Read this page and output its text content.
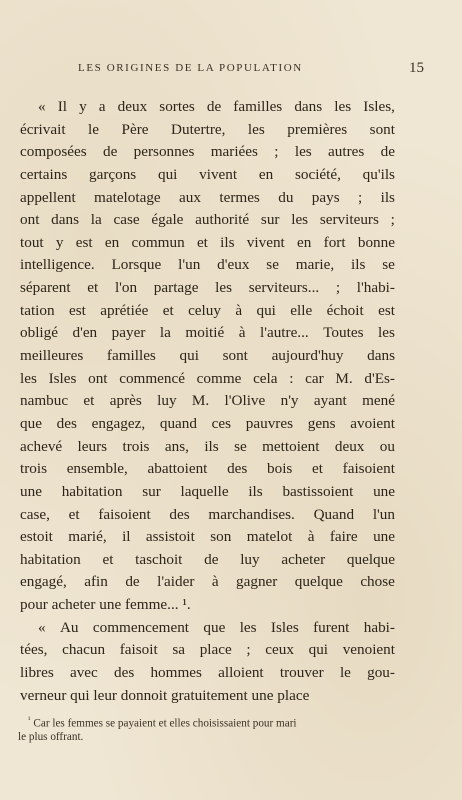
LES ORIGINES DE LA POPULATION	15
« Il y a deux sortes de familles dans les Isles,
écrivait le Père Dutertre, les premières sont
composées de personnes mariées ; les autres de
certains garçons qui vivent en société, qu'ils
appellent matelotage aux termes du pays ; ils
ont dans la case égale authorité sur les serviteurs ;
tout y est en commun et ils vivent en fort bonne
intelligence. Lorsque l'un d'eux se marie, ils se
séparent et l'on partage les serviteurs... ; l'habi-
tation est aprétiée et celuy à qui elle échoit est
obligé d'en payer la moitié à l'autre... Toutes les
meilleures familles qui sont aujourd'huy dans
les Isles ont commencé comme cela : car M. d'Es-
nambuc et après luy M. l'Olive n'y ayant mené
que des engagez, quand ces pauvres gens avoient
achevé leurs trois ans, ils se mettoient deux ou
trois ensemble, abattoient des bois et faisoient
une habitation sur laquelle ils bastissoient une
case, et faisoient des marchandises. Quand l'un
estoit marié, il assistoit son matelot à faire une
habitation et taschoit de luy acheter quelque
engagé, afin de l'aider à gagner quelque chose
pour acheter une femme... ¹.
« Au commencement que les Isles furent habi-
tées, chacun faisoit sa place ; ceux qui venoient
libres avec des hommes alloient trouver le gou-
verneur qui leur donnoit gratuitement une place
$^{^1}$ Car les femmes se payaient et elles choisissaient pour mari
le plus offrant.
